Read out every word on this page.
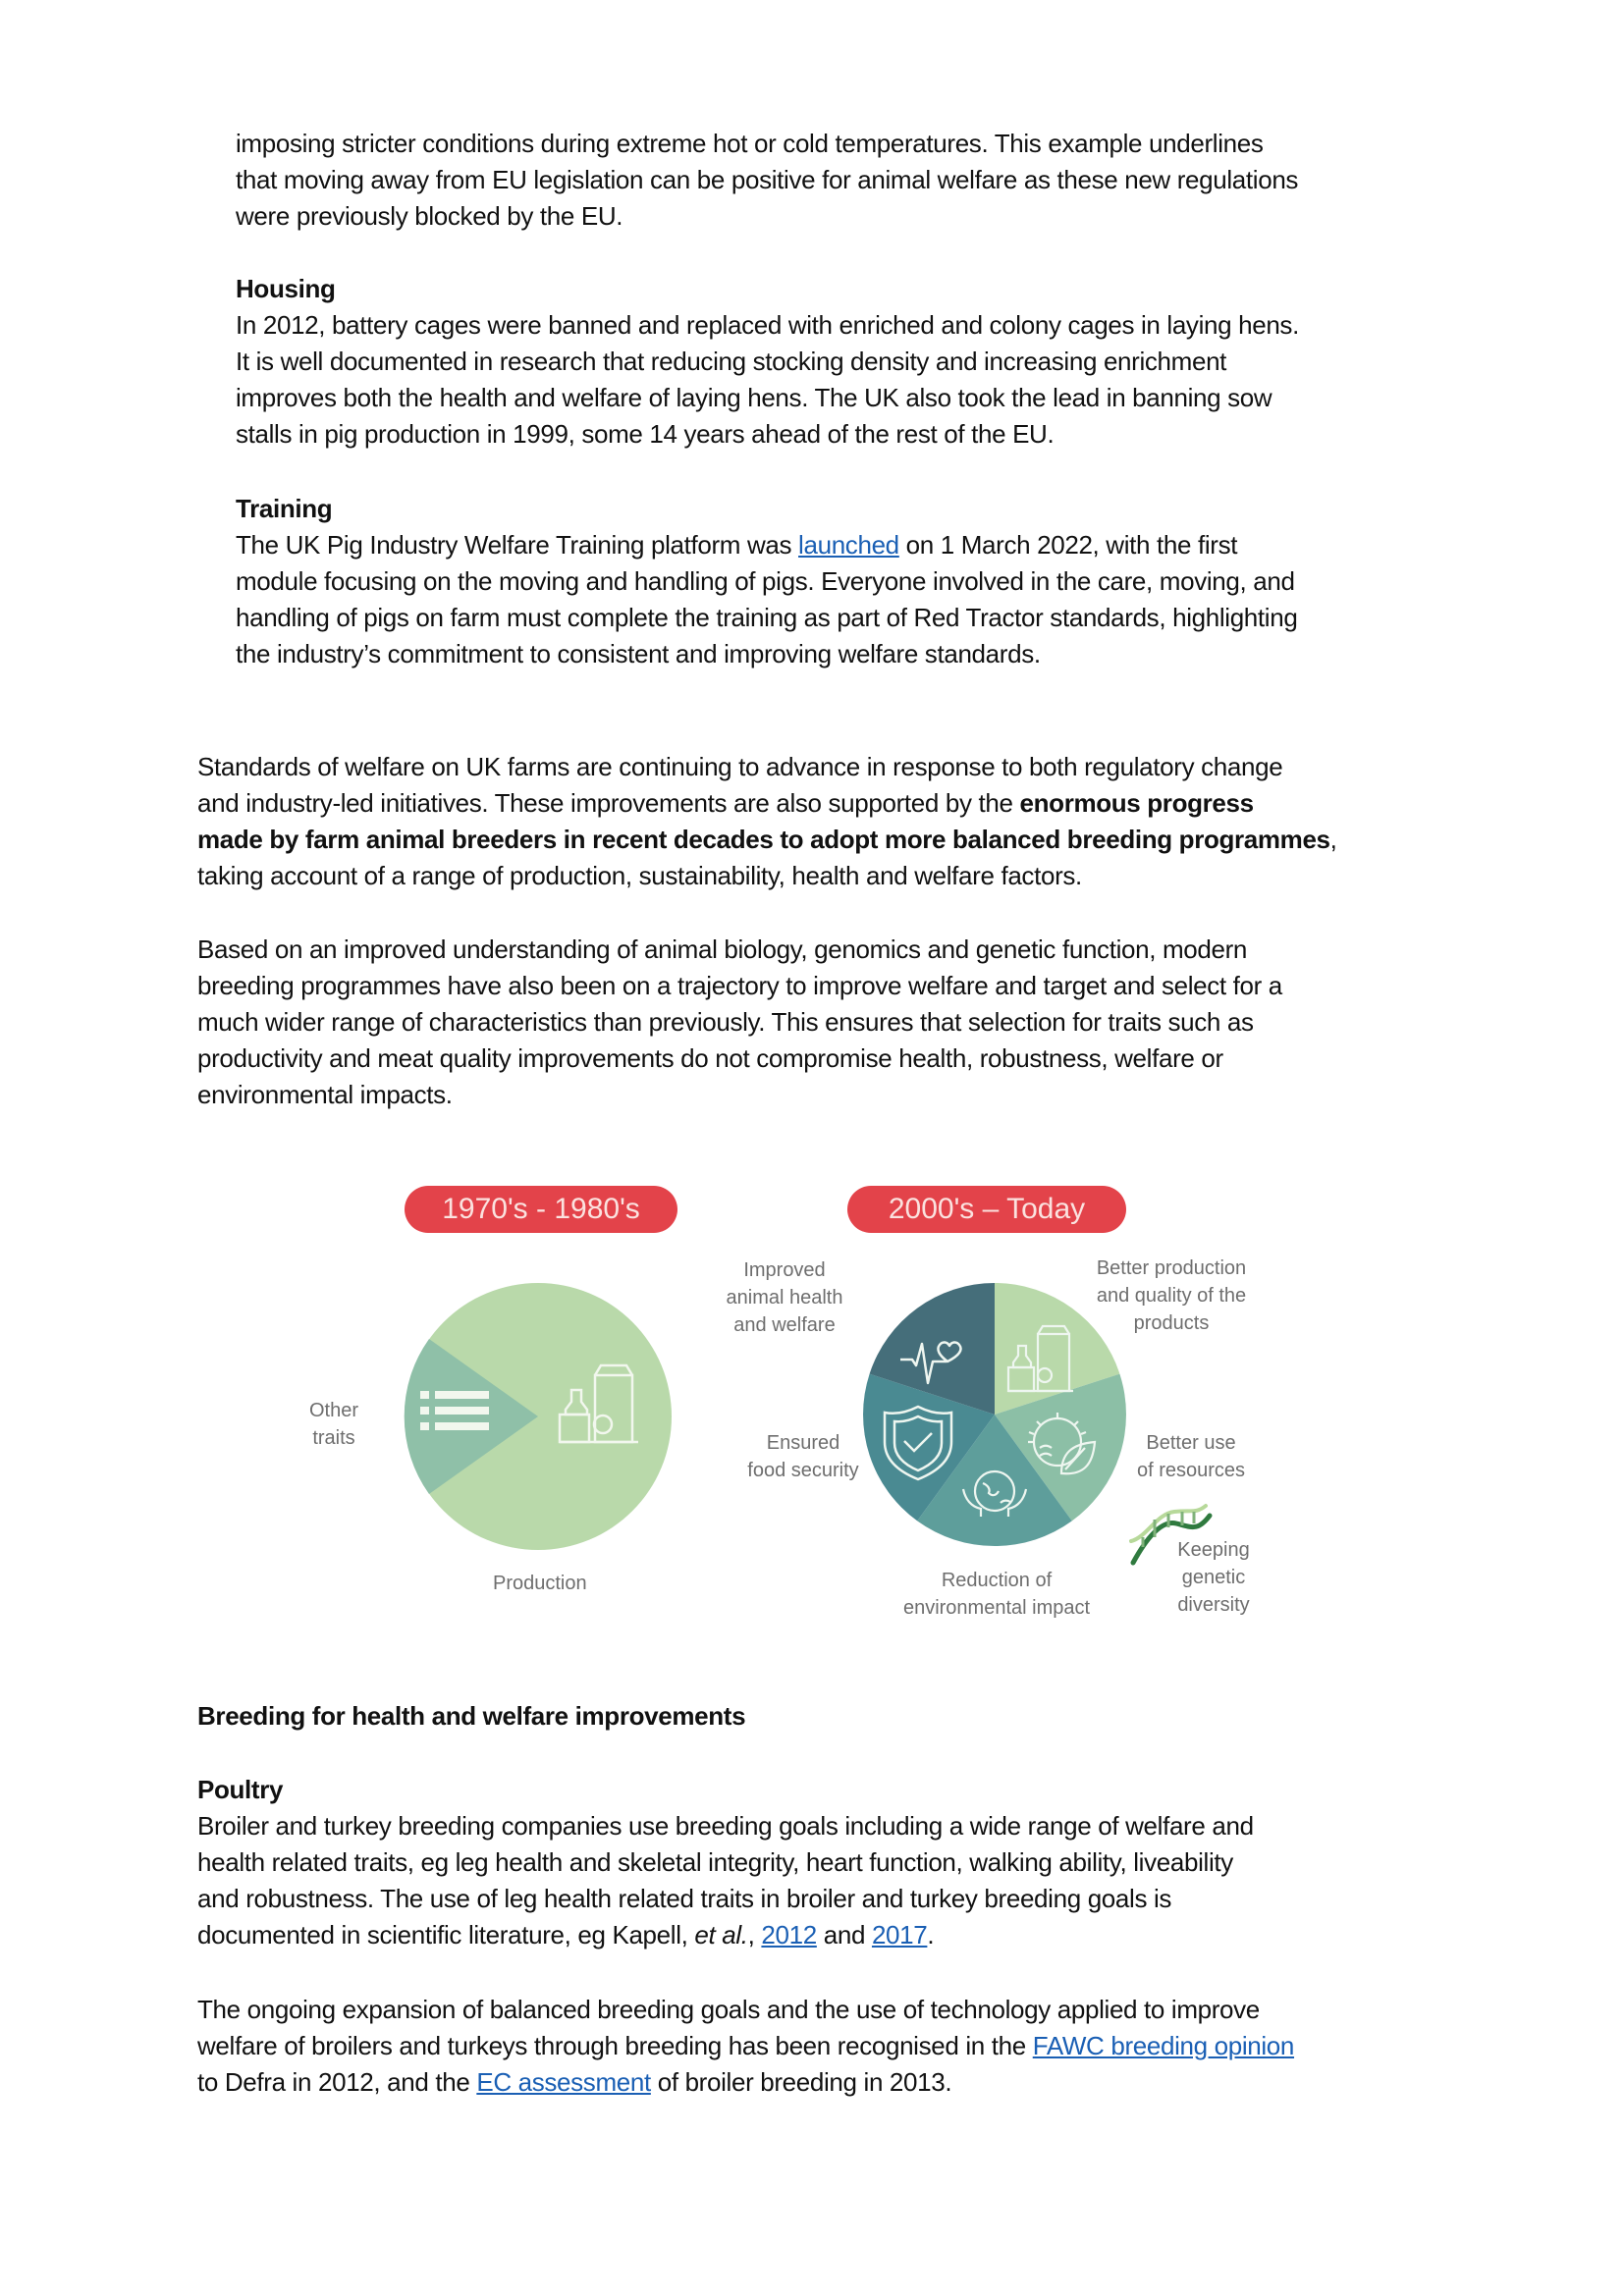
imposing stricter conditions during extreme hot or cold temperatures. This example underlines
that moving away from EU legislation can be positive for animal welfare as these new regulations
were previously blocked by the EU.
Housing
In 2012, battery cages were banned and replaced with enriched and colony cages in laying hens.
It is well documented in research that reducing stocking density and increasing enrichment
improves both the health and welfare of laying hens. The UK also took the lead in banning sow
stalls in pig production in 1999, some 14 years ahead of the rest of the EU.
Training
The UK Pig Industry Welfare Training platform was launched on 1 March 2022, with the first
module focusing on the moving and handling of pigs. Everyone involved in the care, moving, and
handling of pigs on farm must complete the training as part of Red Tractor standards, highlighting
the industry’s commitment to consistent and improving welfare standards.
Standards of welfare on UK farms are continuing to advance in response to both regulatory change
and industry-led initiatives. These improvements are also supported by the enormous progress
made by farm animal breeders in recent decades to adopt more balanced breeding programmes,
taking account of a range of production, sustainability, health and welfare factors.
Based on an improved understanding of animal biology, genomics and genetic function, modern
breeding programmes have also been on a trajectory to improve welfare and target and select for a
much wider range of characteristics than previously. This ensures that selection for traits such as
productivity and meat quality improvements do not compromise health, robustness, welfare or
environmental impacts.
1970's - 1980's
Other
traits
Production
2000's – Today
Improved
animal health
and welfare
Better production
and quality of the
products
Ensured
food security
Better use
of resources
Reduction of
environmental impact
Keeping
genetic
diversity
Breeding for health and welfare improvements
Poultry
Broiler and turkey breeding companies use breeding goals including a wide range of welfare and
health related traits, eg leg health and skeletal integrity, heart function, walking ability, liveability
and robustness. The use of leg health related traits in broiler and turkey breeding goals is
documented in scientific literature, eg Kapell, et al., 2012 and 2017.
The ongoing expansion of balanced breeding goals and the use of technology applied to improve
welfare of broilers and turkeys through breeding has been recognised in the FAWC breeding opinion
to Defra in 2012, and the EC assessment of broiler breeding in 2013.
